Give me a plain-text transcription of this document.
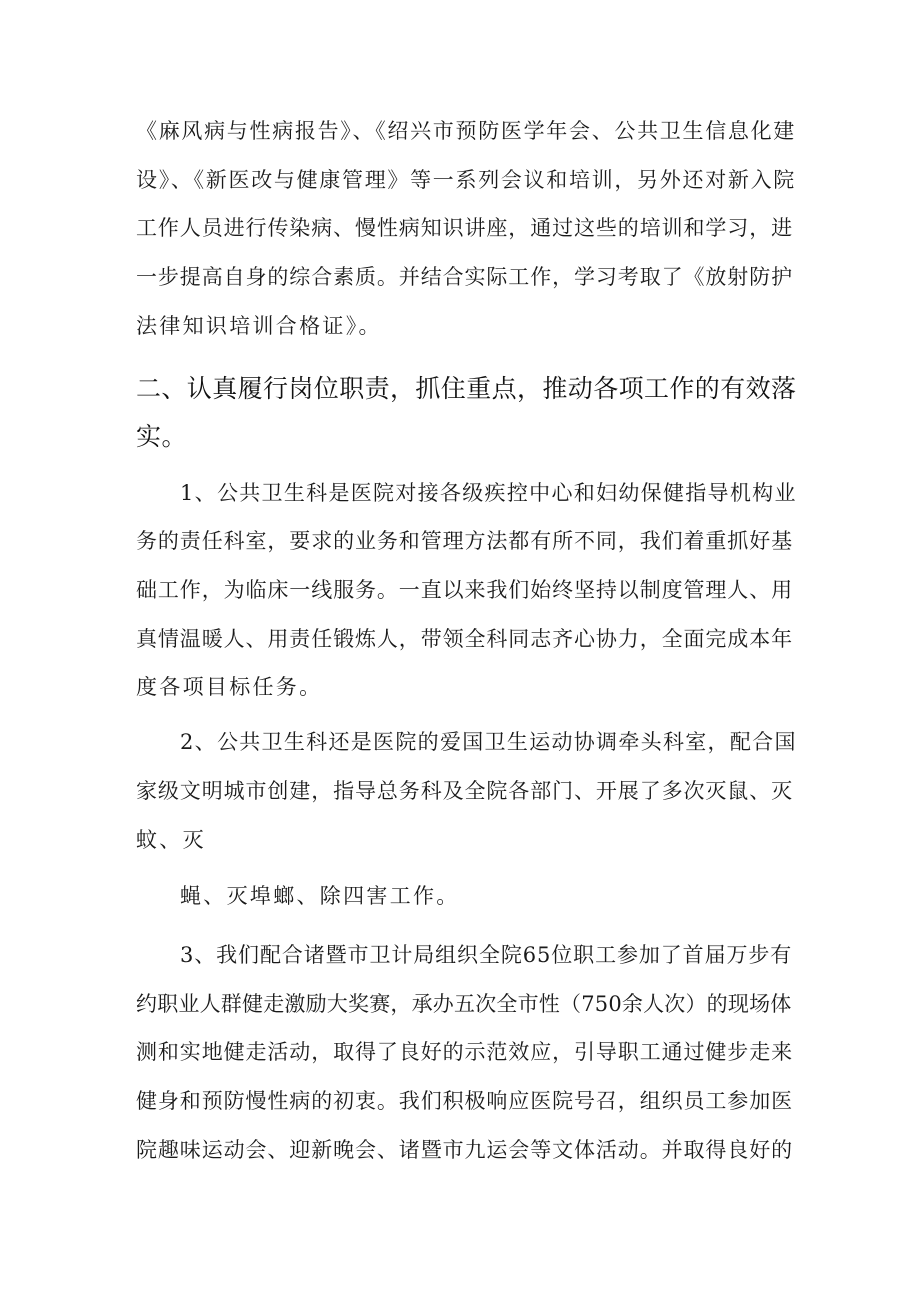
《麻风病与性病报告》、《绍兴市预防医学年会、公共卫生信息化建
设》、《新医改与健康管理》等一系列会议和培训，另外还对新入院
工作人员进行传染病、慢性病知识讲座，通过这些的培训和学习，进
一步提高自身的综合素质。并结合实际工作，学习考取了《放射防护
法律知识培训合格证》。
二、认真履行岗位职责，抓住重点，推动各项工作的有效落
实。
1、公共卫生科是医院对接各级疾控中心和妇幼保健指导机构业
务的责任科室，要求的业务和管理方法都有所不同，我们着重抓好基
础工作，为临床一线服务。一直以来我们始终坚持以制度管理人、用
真情温暖人、用责任锻炼人，带领全科同志齐心协力，全面完成本年
度各项目标任务。
2、公共卫生科还是医院的爱国卫生运动协调牵头科室，配合国
家级文明城市创建，指导总务科及全院各部门、开展了多次灭鼠、灭
蚊、灭
蝇、灭埠螂、除四害工作。
3、我们配合诸暨市卫计局组织全院65位职工参加了首届万步有
约职业人群健走激励大奖赛，承办五次全市性（750余人次）的现场体
测和实地健走活动，取得了良好的示范效应，引导职工通过健步走来
健身和预防慢性病的初衷。我们积极响应医院号召，组织员工参加医
院趣味运动会、迎新晚会、诸暨市九运会等文体活动。并取得良好的
